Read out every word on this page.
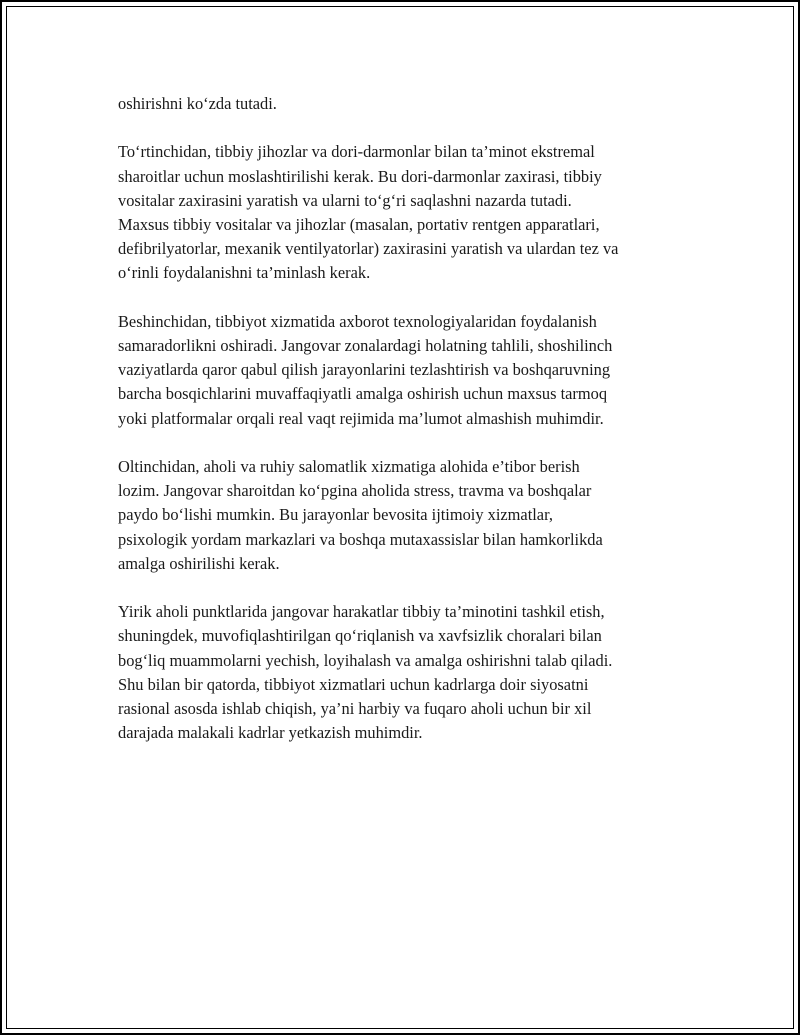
oshirishni ko‘zda tutadi.

To‘rtinchidan, tibbiy jihozlar va dori-darmonlar bilan ta’minot ekstremal
sharoitlar uchun moslashtirilishi kerak. Bu dori-darmonlar zaxirasi, tibbiy
vositalar zaxirasini yaratish va ularni to‘g‘ri saqlashni nazarda tutadi.
Maxsus tibbiy vositalar va jihozlar (masalan, portativ rentgen apparatlari,
defibrilyatorlar, mexanik ventilyatorlar) zaxirasini yaratish va ulardan tez va
o‘rinli foydalanishni ta’minlash kerak.

Beshinchidan, tibbiyot xizmatida axborot texnologiyalaridan foydalanish
samaradorlikni oshiradi. Jangovar zonalardagi holatning tahlili, shoshilinch
vaziyatlarda qaror qabul qilish jarayonlarini tezlashtirish va boshqaruvning
barcha bosqichlarini muvaffaqiyatli amalga oshirish uchun maxsus tarmoq
yoki platformalar orqali real vaqt rejimida ma’lumot almashish muhimdir.

Oltinchidan, aholi va ruhiy salomatlik xizmatiga alohida e’tibor berish
lozim. Jangovar sharoitdan ko‘pgina aholida stress, travma va boshqalar
paydo bo‘lishi mumkin. Bu jarayonlar bevosita ijtimoiy xizmatlar,
psixologik yordam markazlari va boshqa mutaxassislar bilan hamkorlikda
amalga oshirilishi kerak.

Yirik aholi punktlarida jangovar harakatlar tibbiy ta’minotini tashkil etish,
shuningdek, muvofiqlashtirilgan qo‘riqlanish va xavfsizlik choralari bilan
bog‘liq muammolarni yechish, loyihalash va amalga oshirishni talab qiladi.
Shu bilan bir qatorda, tibbiyot xizmatlari uchun kadrlarga doir siyosatni
rasional asosda ishlab chiqish, ya’ni harbiy va fuqaro aholi uchun bir xil
darajada malakali kadrlar yetkazish muhimdir.
